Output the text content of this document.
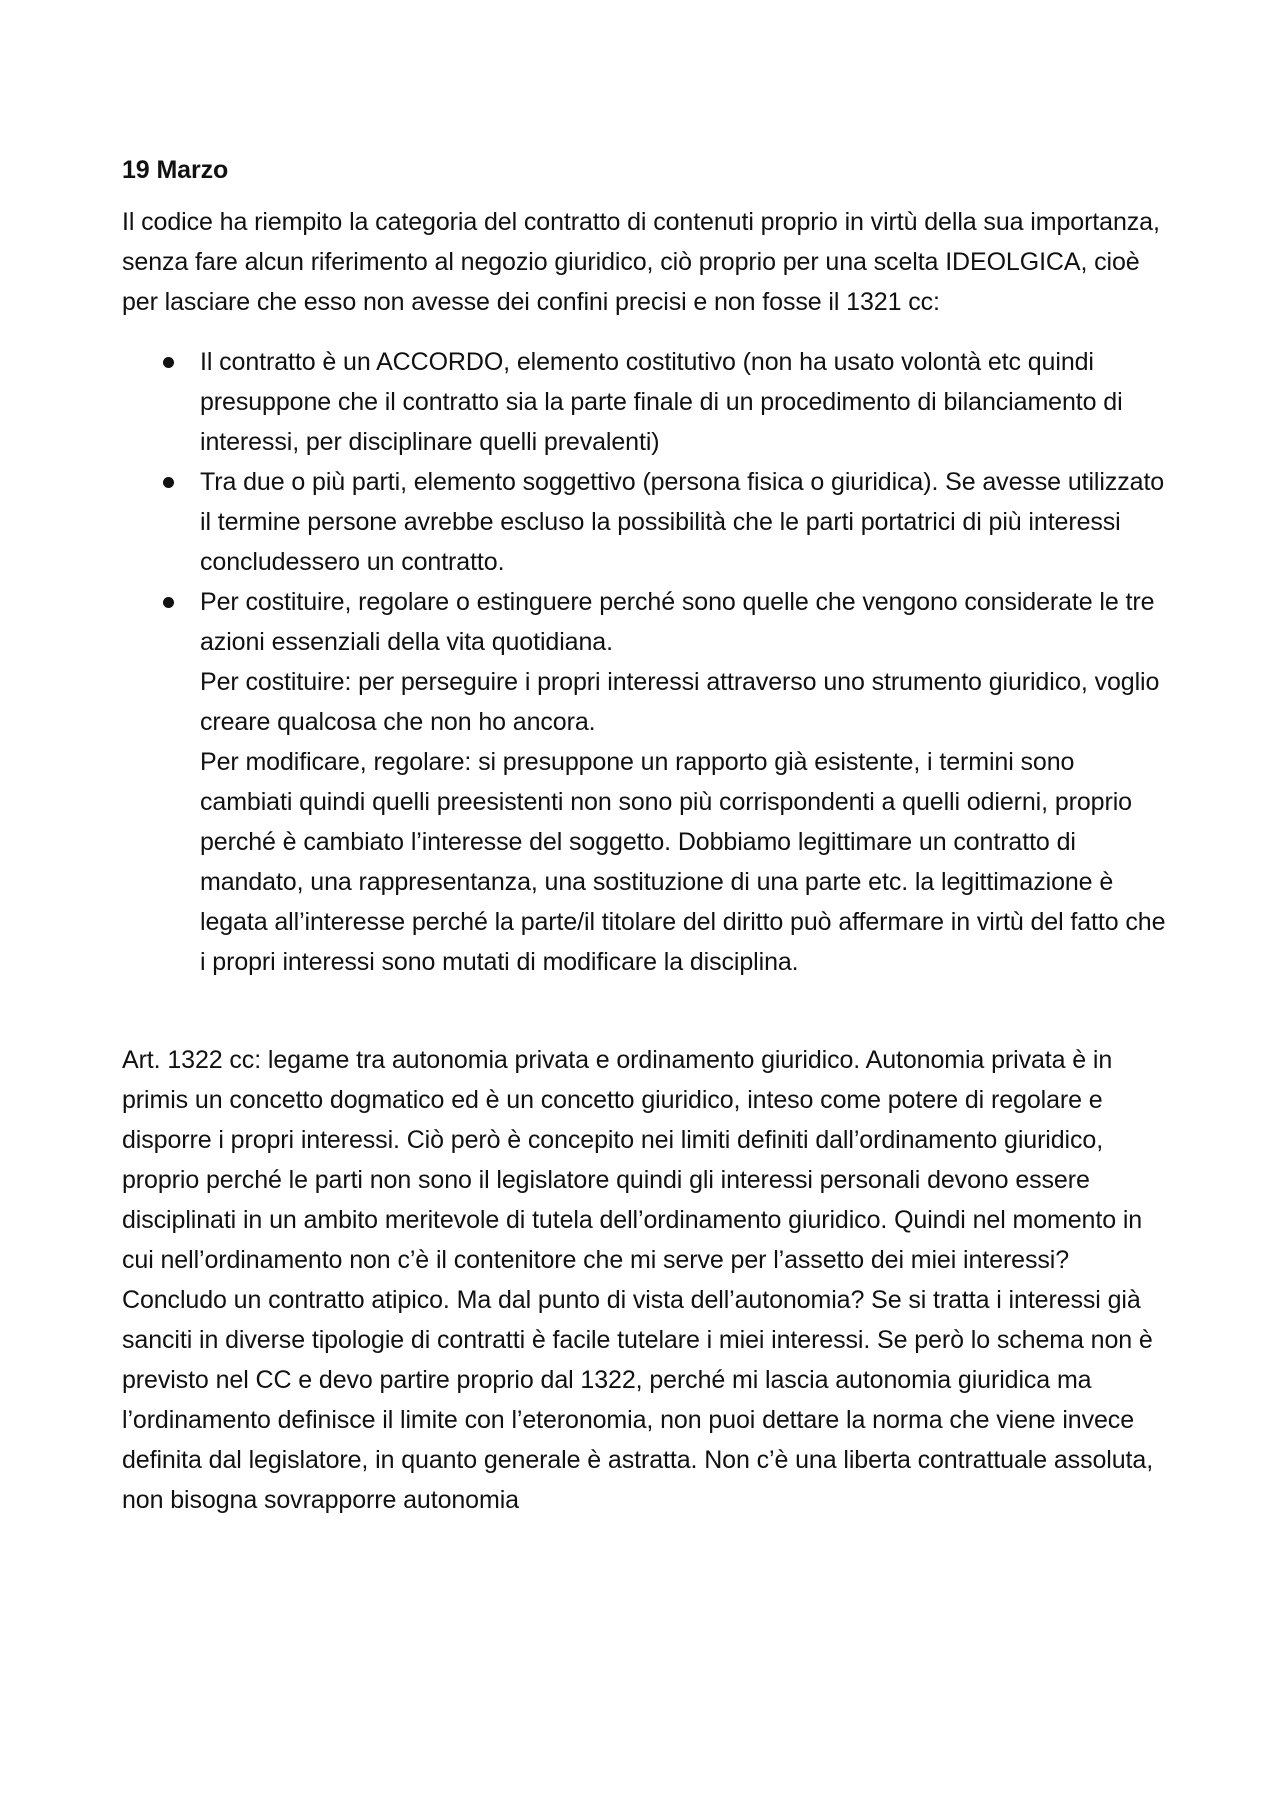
19 Marzo

Il codice ha riempito la categoria del contratto di contenuti proprio in virtù della sua importanza, senza fare alcun riferimento al negozio giuridico, ciò proprio per una scelta IDEOLGICA, cioè per lasciare che esso non avesse dei confini precisi e non fosse il 1321 cc:

Il contratto è un ACCORDO, elemento costitutivo (non ha usato volontà etc quindi presuppone che il contratto sia la parte finale di un procedimento di bilanciamento di interessi, per disciplinare quelli prevalenti)
Tra due o più parti, elemento soggettivo (persona fisica o giuridica). Se avesse utilizzato il termine persone avrebbe escluso la possibilità che le parti portatrici di più interessi concludessero un contratto.
Per costituire, regolare o estinguere perché sono quelle che vengono considerate le tre azioni essenziali della vita quotidiana.
Per costituire: per perseguire i propri interessi attraverso uno strumento giuridico, voglio creare qualcosa che non ho ancora.
Per modificare, regolare: si presuppone un rapporto già esistente, i termini sono cambiati quindi quelli preesistenti non sono più corrispondenti a quelli odierni, proprio perché è cambiato l’interesse del soggetto. Dobbiamo legittimare un contratto di mandato, una rappresentanza, una sostituzione di una parte etc. la legittimazione è legata all’interesse perché la parte/il titolare del diritto può affermare in virtù del fatto che i propri interessi sono mutati di modificare la disciplina.

Art. 1322 cc: legame tra autonomia privata e ordinamento giuridico. Autonomia privata è in primis un concetto dogmatico ed è un concetto giuridico, inteso come potere di regolare e disporre i propri interessi. Ciò però è concepito nei limiti definiti dall’ordinamento giuridico, proprio perché le parti non sono il legislatore quindi gli interessi personali devono essere disciplinati in un ambito meritevole di tutela dell’ordinamento giuridico. Quindi nel momento in cui nell’ordinamento non c’è il contenitore che mi serve per l’assetto dei miei interessi? Concludo un contratto atipico. Ma dal punto di vista dell’autonomia? Se si tratta i interessi già sanciti in diverse tipologie di contratti è facile tutelare i miei interessi. Se però lo schema non è previsto nel CC e devo partire proprio dal 1322, perché mi lascia autonomia giuridica ma l’ordinamento definisce il limite con l’eteronomia, non puoi dettare la norma che viene invece definita dal legislatore, in quanto generale è astratta. Non c’è una liberta contrattuale assoluta, non bisogna sovrapporre autonomia
